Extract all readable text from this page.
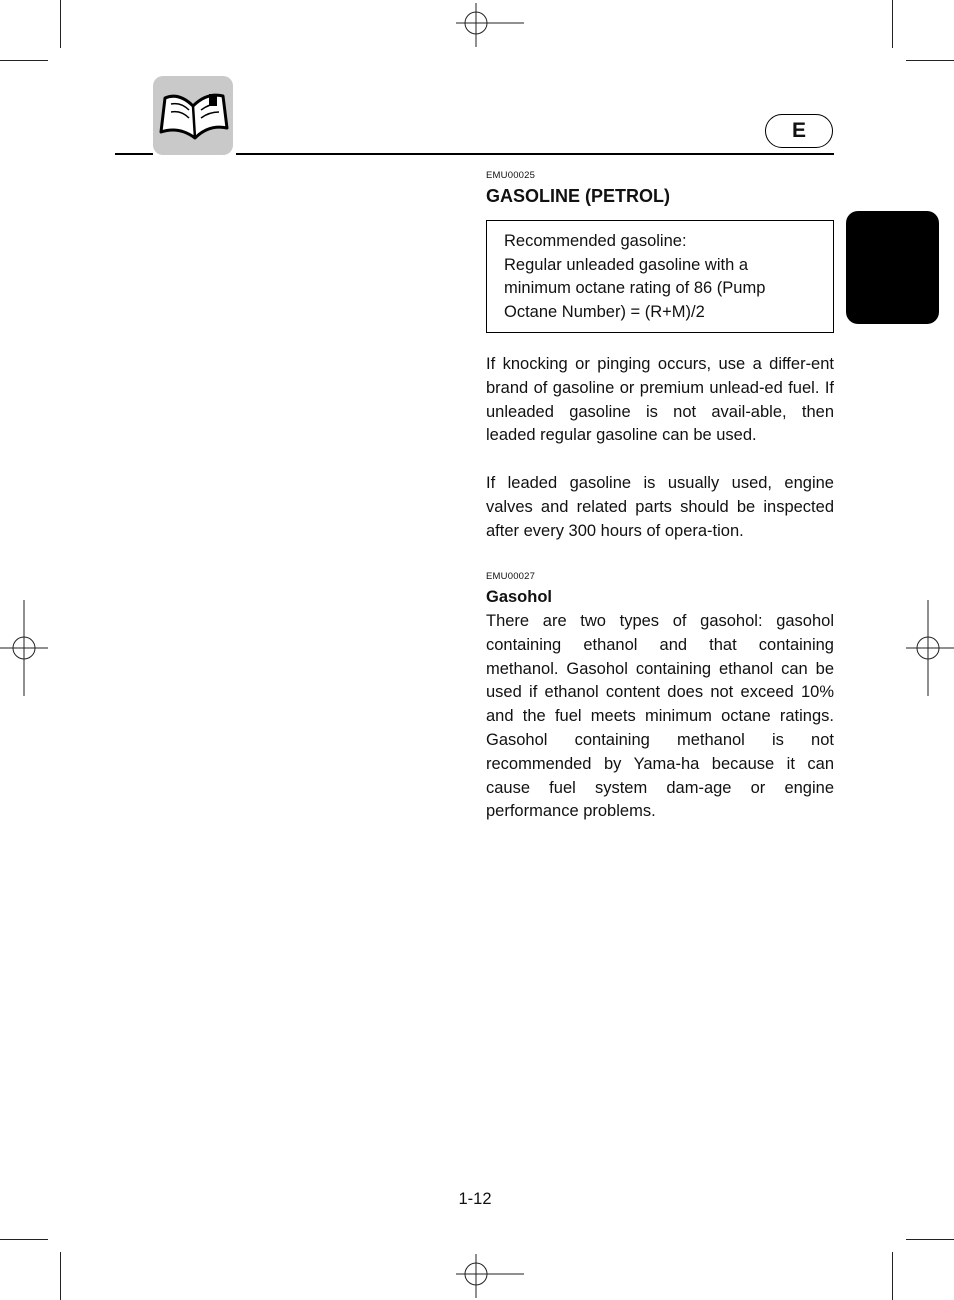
E
EMU00025
GASOLINE (PETROL)
Recommended gasoline:
Regular unleaded gasoline with a
minimum octane rating of 86 (Pump
Octane Number) = (R+M)/2
If knocking or pinging occurs, use a differ-ent brand of gasoline or premium unlead-ed fuel. If unleaded gasoline is not avail-able, then leaded regular gasoline can be used.
If leaded gasoline is usually used, engine valves and related parts should be inspected after every 300 hours of opera-tion.
EMU00027
Gasohol
There are two types of gasohol: gasohol containing ethanol and that containing methanol. Gasohol containing ethanol can be used if ethanol content does not exceed 10% and the fuel meets minimum octane ratings. Gasohol containing methanol is not recommended by Yama-ha because it can cause fuel system dam-age or engine performance problems.
1-12
